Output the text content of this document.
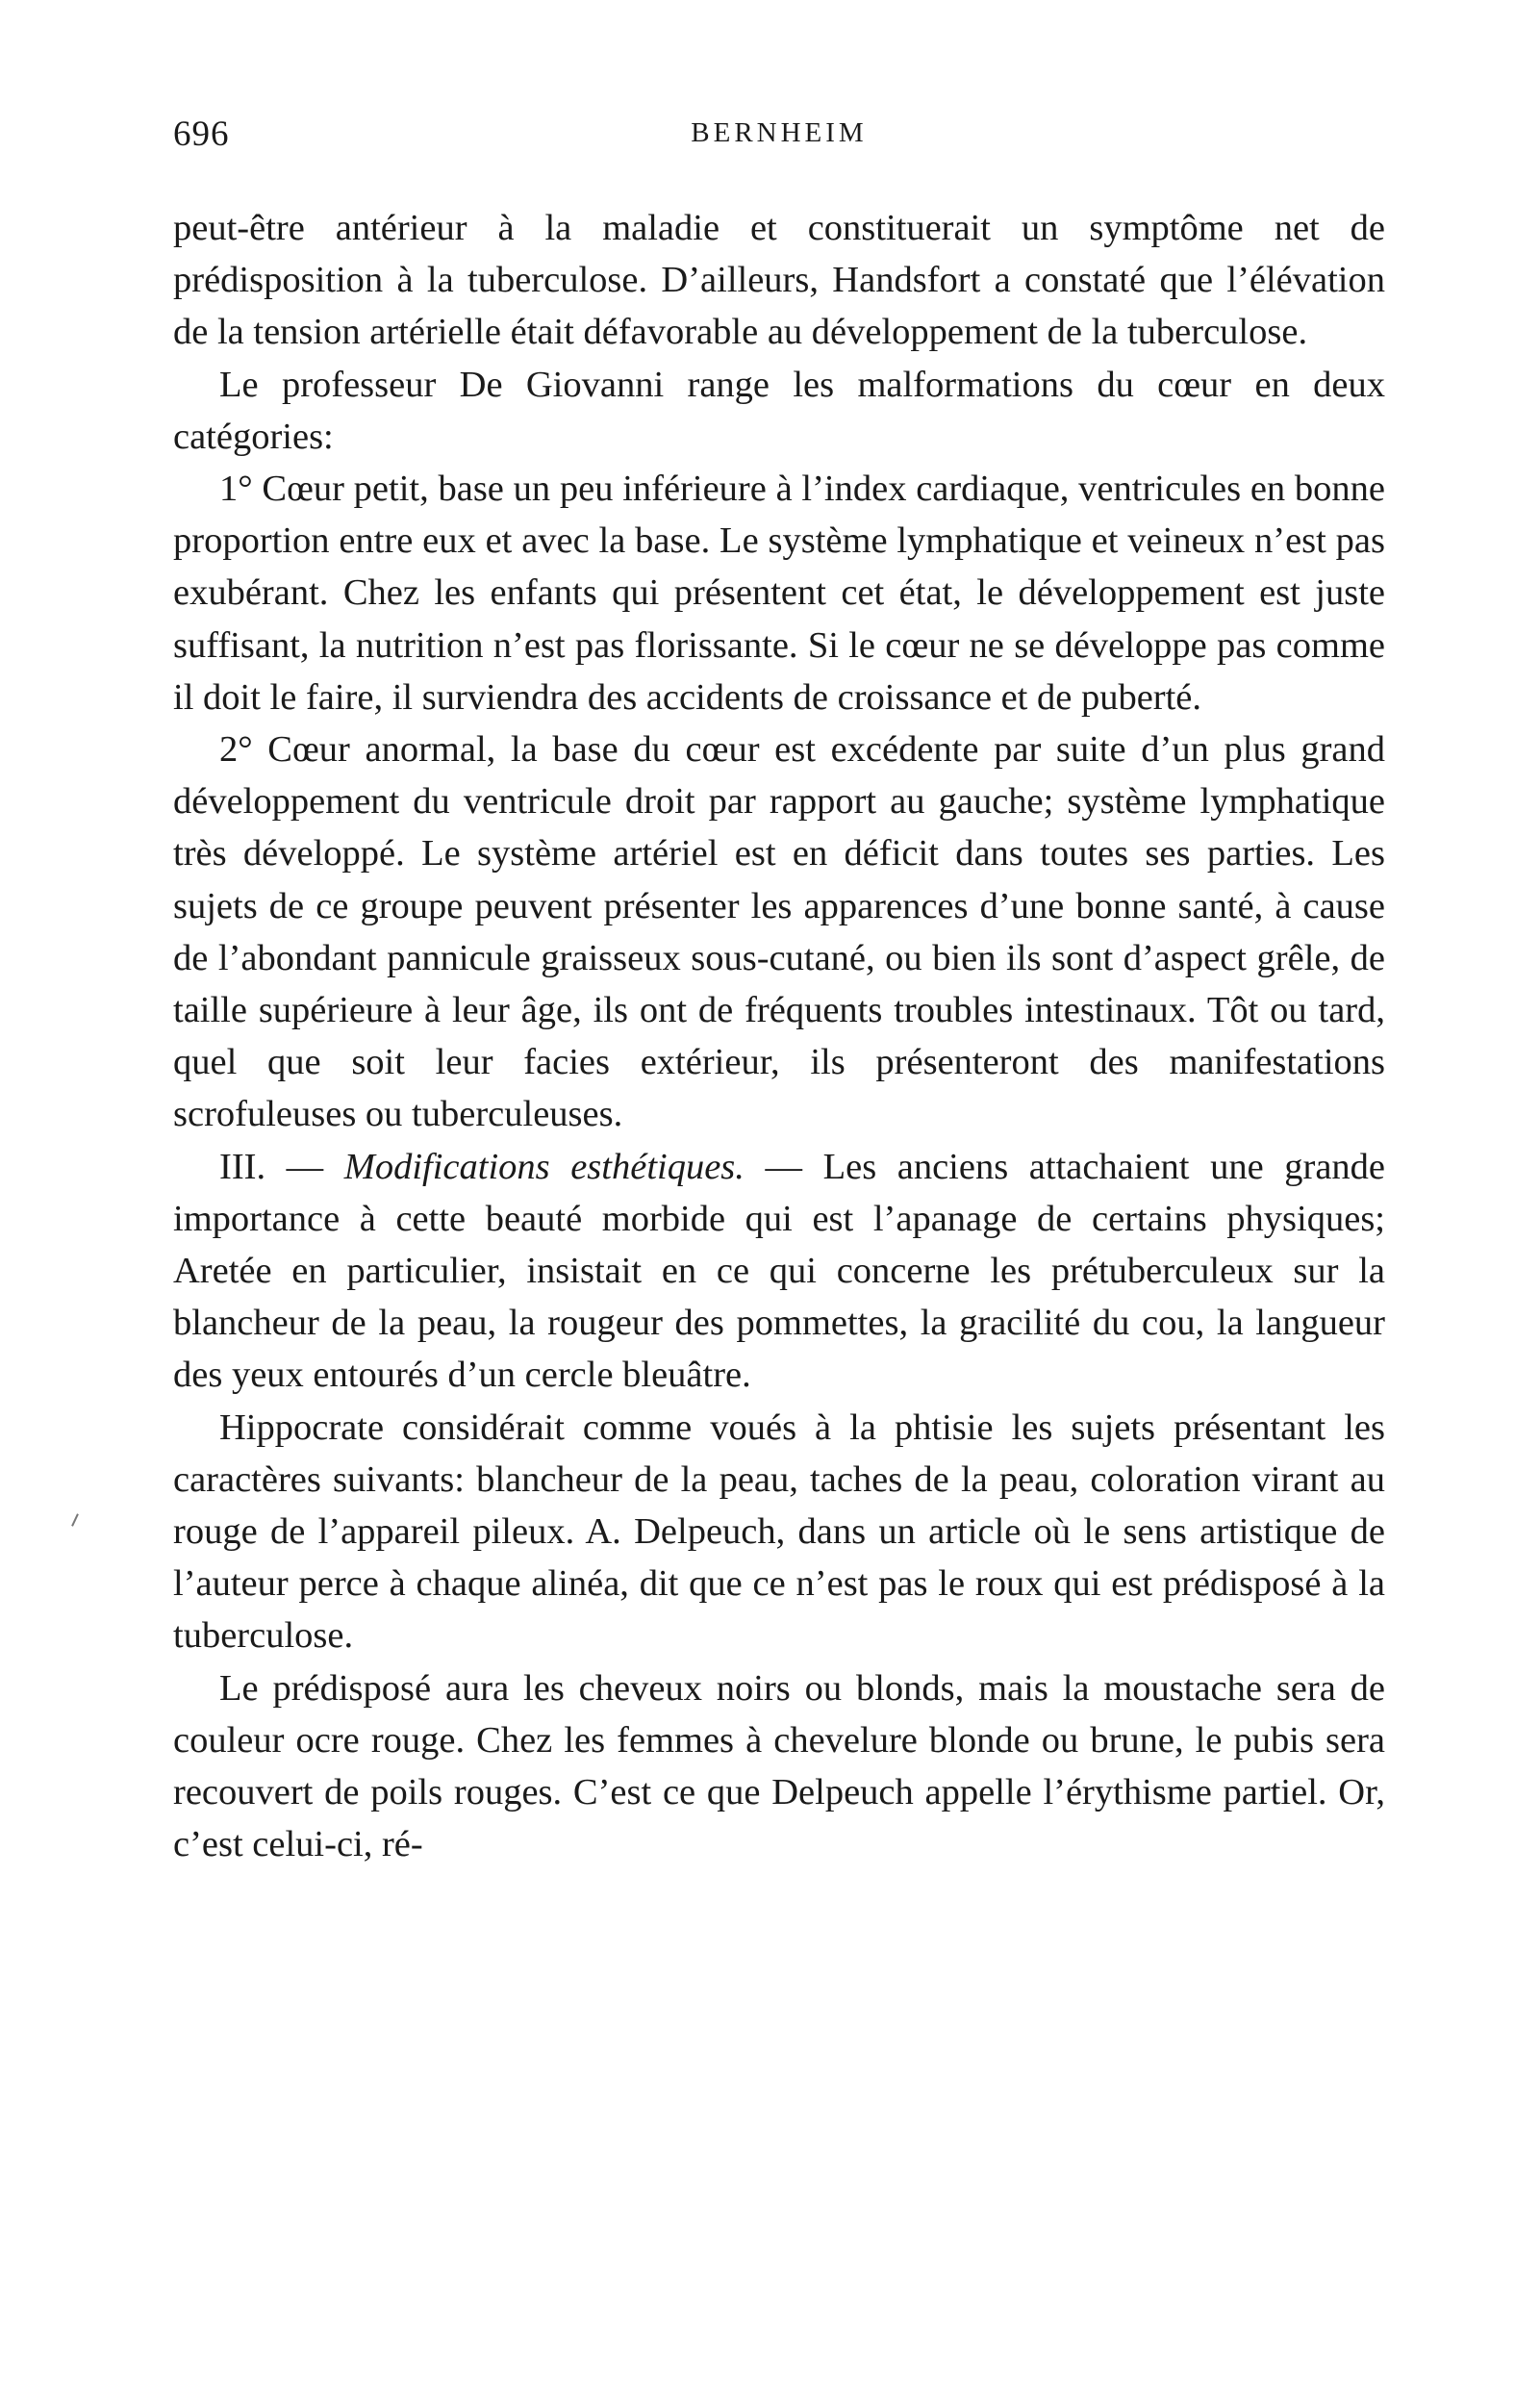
696	BERNHEIM

peut-être antérieur à la maladie et constituerait un symptôme net de prédisposition à la tuberculose. D’ailleurs, Handsfort a constaté que l’élévation de la tension artérielle était défavorable au développement de la tuberculose.

Le professeur De Giovanni range les malformations du cœur en deux catégories:

1° Cœur petit, base un peu inférieure à l’index cardiaque, ventricules en bonne proportion entre eux et avec la base. Le système lymphatique et veineux n’est pas exubérant. Chez les enfants qui présentent cet état, le développement est juste suffisant, la nutrition n’est pas florissante. Si le cœur ne se développe pas comme il doit le faire, il surviendra des accidents de croissance et de puberté.

2° Cœur anormal, la base du cœur est excédente par suite d’un plus grand développement du ventricule droit par rapport au gauche; système lymphatique très développé. Le système artériel est en déficit dans toutes ses parties. Les sujets de ce groupe peuvent présenter les apparences d’une bonne santé, à cause de l’abondant pannicule graisseux sous-cutané, ou bien ils sont d’aspect grêle, de taille supérieure à leur âge, ils ont de fréquents troubles intestinaux. Tôt ou tard, quel que soit leur facies extérieur, ils présenteront des manifestations scrofuleuses ou tuberculeuses.

III. — Modifications esthétiques. — Les anciens attachaient une grande importance à cette beauté morbide qui est l’apanage de certains physiques; Aretée en particulier, insistait en ce qui concerne les prétuberculeux sur la blancheur de la peau, la rougeur des pommettes, la gracilité du cou, la langueur des yeux entourés d’un cercle bleuâtre.

Hippocrate considérait comme voués à la phtisie les sujets présentant les caractères suivants: blancheur de la peau, taches de la peau, coloration virant au rouge de l’appareil pileux. A. Delpeuch, dans un article où le sens artistique de l’auteur perce à chaque alinéa, dit que ce n’est pas le roux qui est prédisposé à la tuberculose.

Le prédisposé aura les cheveux noirs ou blonds, mais la moustache sera de couleur ocre rouge. Chez les femmes à chevelure blonde ou brune, le pubis sera recouvert de poils rouges. C’est ce que Delpeuch appelle l’érythisme partiel. Or, c’est celui-ci, ré-
